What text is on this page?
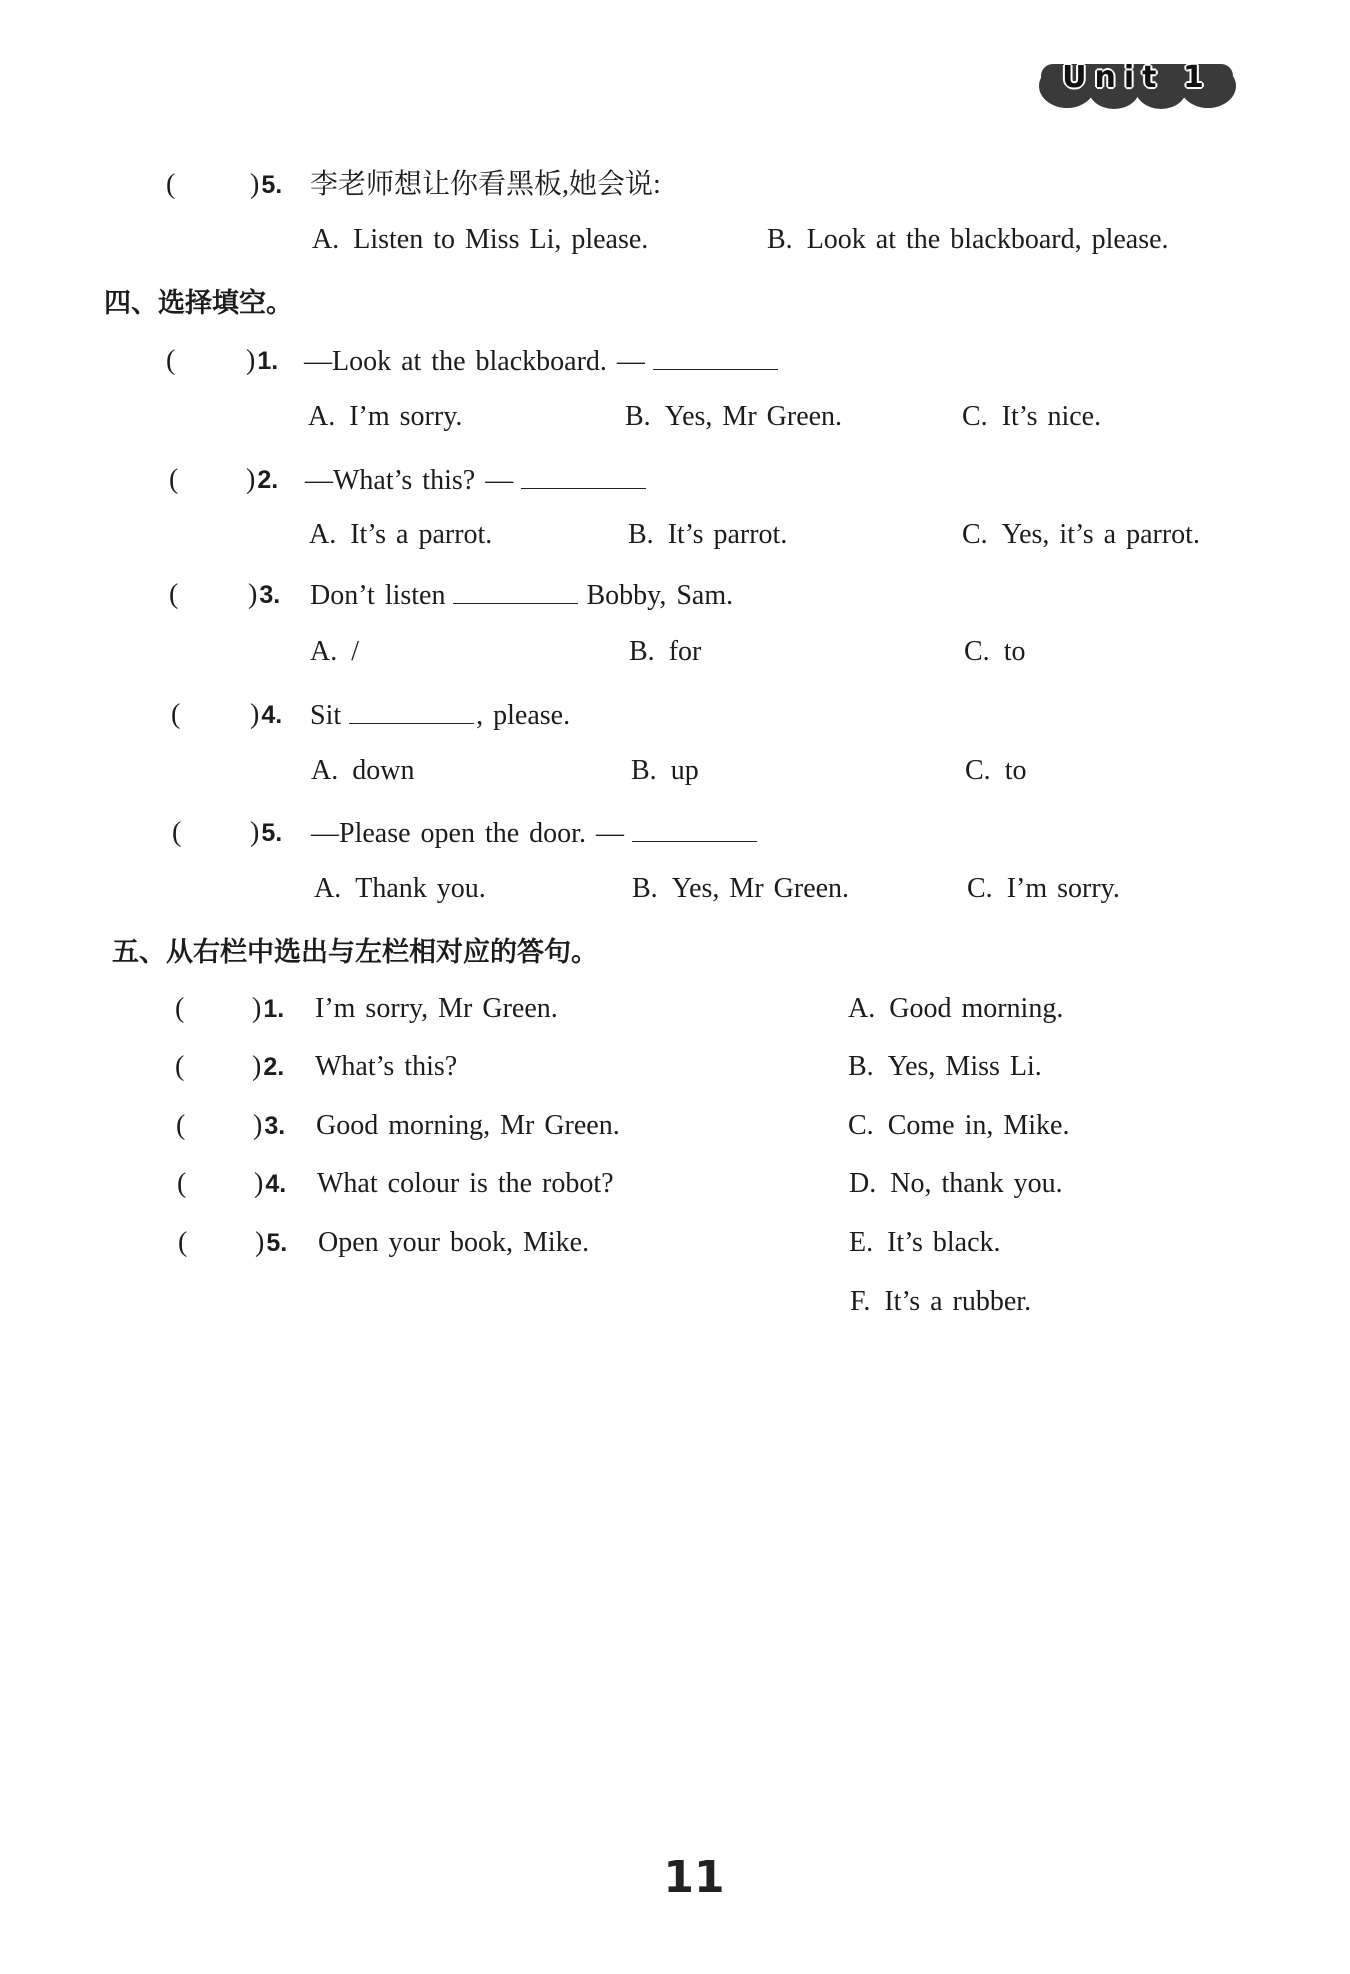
Unit 1
(	)5. 李老师想让你看黑板,她会说:
A. Listen to Miss Li, please.	B. Look at the blackboard, please.
四、选择填空。
(	)1. —Look at the blackboard. —
A. I’m sorry.	B. Yes, Mr Green.	C. It’s nice.
( )2. —What’s this? —
A. It’s a parrot.	B. It’s parrot.	C. Yes, it’s a parrot.
( )3. Don’t listen	Bobby, Sam.
A. /	B. for	C. to
( )4. Sit	, please.
A. down	B. up	C. to
( )5. —Please open the door. —
A. Thank you.	B. Yes, Mr Green.	C. I’m sorry.
五、从右栏中选出与左栏相对应的答句。
( )1. I’m sorry, Mr Green.	A. Good morning.
( )2. What’s this?	B. Yes, Miss Li.
( )3. Good morning, Mr Green.	C. Come in, Mike.
( )4. What colour is the robot?	D. No, thank you.
( )5. Open your book, Mike.	E. It’s black.
F. It’s a rubber.
11
